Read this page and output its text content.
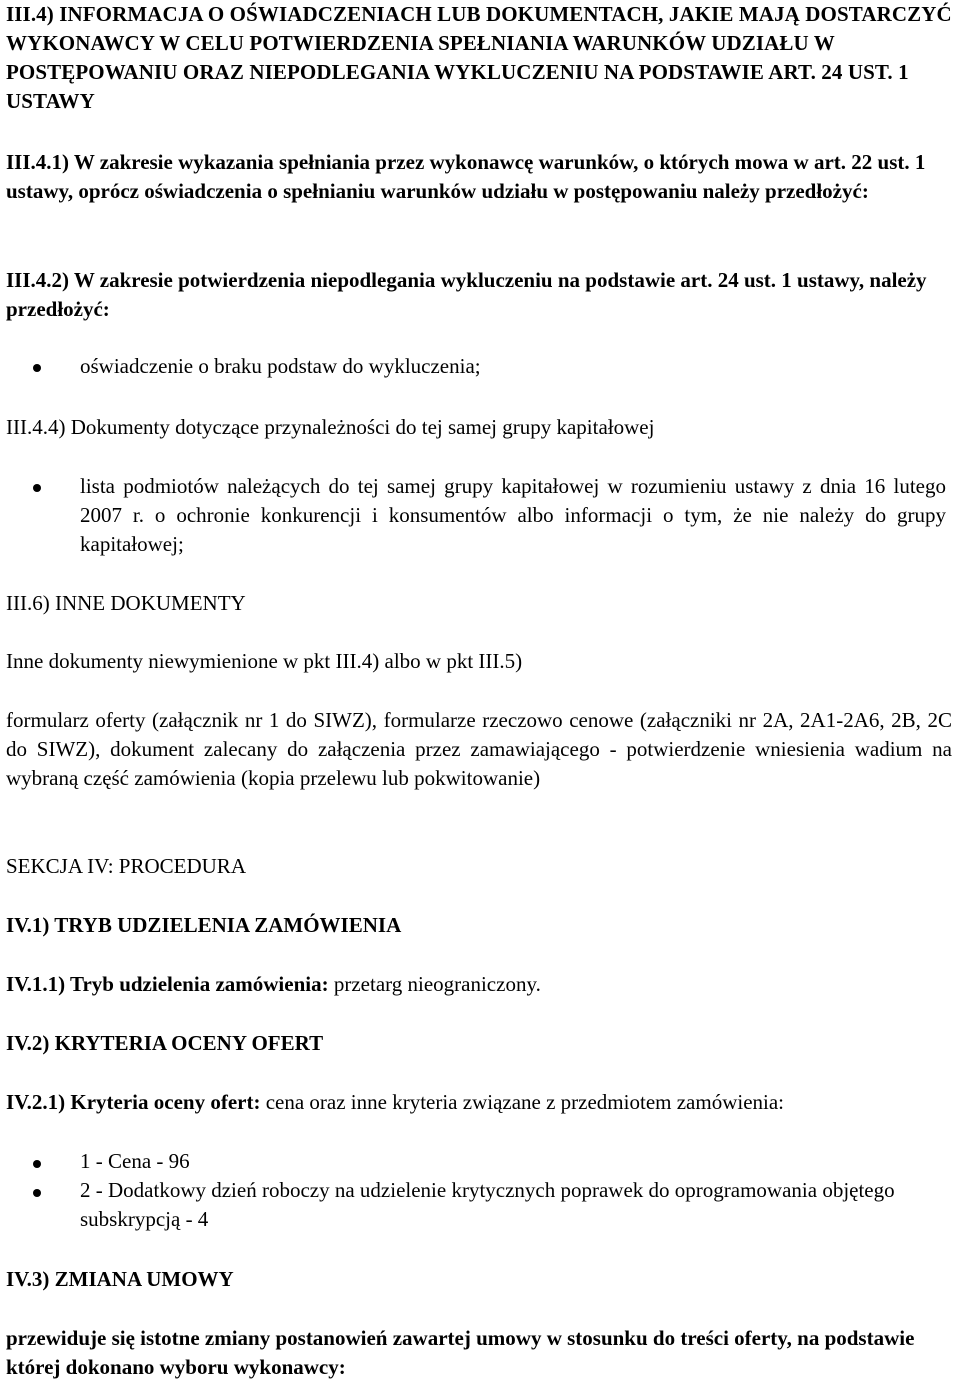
III.4) INFORMACJA O OŚWIADCZENIACH LUB DOKUMENTACH, JAKIE MAJĄ DOSTARCZYĆ WYKONAWCY W CELU POTWIERDZENIA SPEŁNIANIA WARUNKÓW UDZIAŁU W POSTĘPOWANIU ORAZ NIEPODLEGANIA WYKLUCZENIU NA PODSTAWIE ART. 24 UST. 1 USTAWY
III.4.1) W zakresie wykazania spełniania przez wykonawcę warunków, o których mowa w art. 22 ust. 1 ustawy, oprócz oświadczenia o spełnianiu warunków udziału w postępowaniu należy przedłożyć:
III.4.2) W zakresie potwierdzenia niepodlegania wykluczeniu na podstawie art. 24 ust. 1 ustawy, należy przedłożyć:
oświadczenie o braku podstaw do wykluczenia;
III.4.4) Dokumenty dotyczące przynależności do tej samej grupy kapitałowej
lista podmiotów należących do tej samej grupy kapitałowej w rozumieniu ustawy z dnia 16 lutego 2007 r. o ochronie konkurencji i konsumentów albo informacji o tym, że nie należy do grupy kapitałowej;
III.6) INNE DOKUMENTY
Inne dokumenty niewymienione w pkt III.4) albo w pkt III.5)
formularz oferty (załącznik nr 1 do SIWZ), formularze rzeczowo cenowe (załączniki nr 2A, 2A1-2A6, 2B, 2C do SIWZ), dokument zalecany do załączenia przez zamawiającego - potwierdzenie wniesienia wadium na wybraną część zamówienia (kopia przelewu lub pokwitowanie)
SEKCJA IV: PROCEDURA
IV.1) TRYB UDZIELENIA ZAMÓWIENIA
IV.1.1) Tryb udzielenia zamówienia: przetarg nieograniczony.
IV.2) KRYTERIA OCENY OFERT
IV.2.1) Kryteria oceny ofert: cena oraz inne kryteria związane z przedmiotem zamówienia:
1 - Cena - 96
2 - Dodatkowy dzień roboczy na udzielenie krytycznych poprawek do oprogramowania objętego subskrypcją - 4
IV.3) ZMIANA UMOWY
przewiduje się istotne zmiany postanowień zawartej umowy w stosunku do treści oferty, na podstawie której dokonano wyboru wykonawcy:
